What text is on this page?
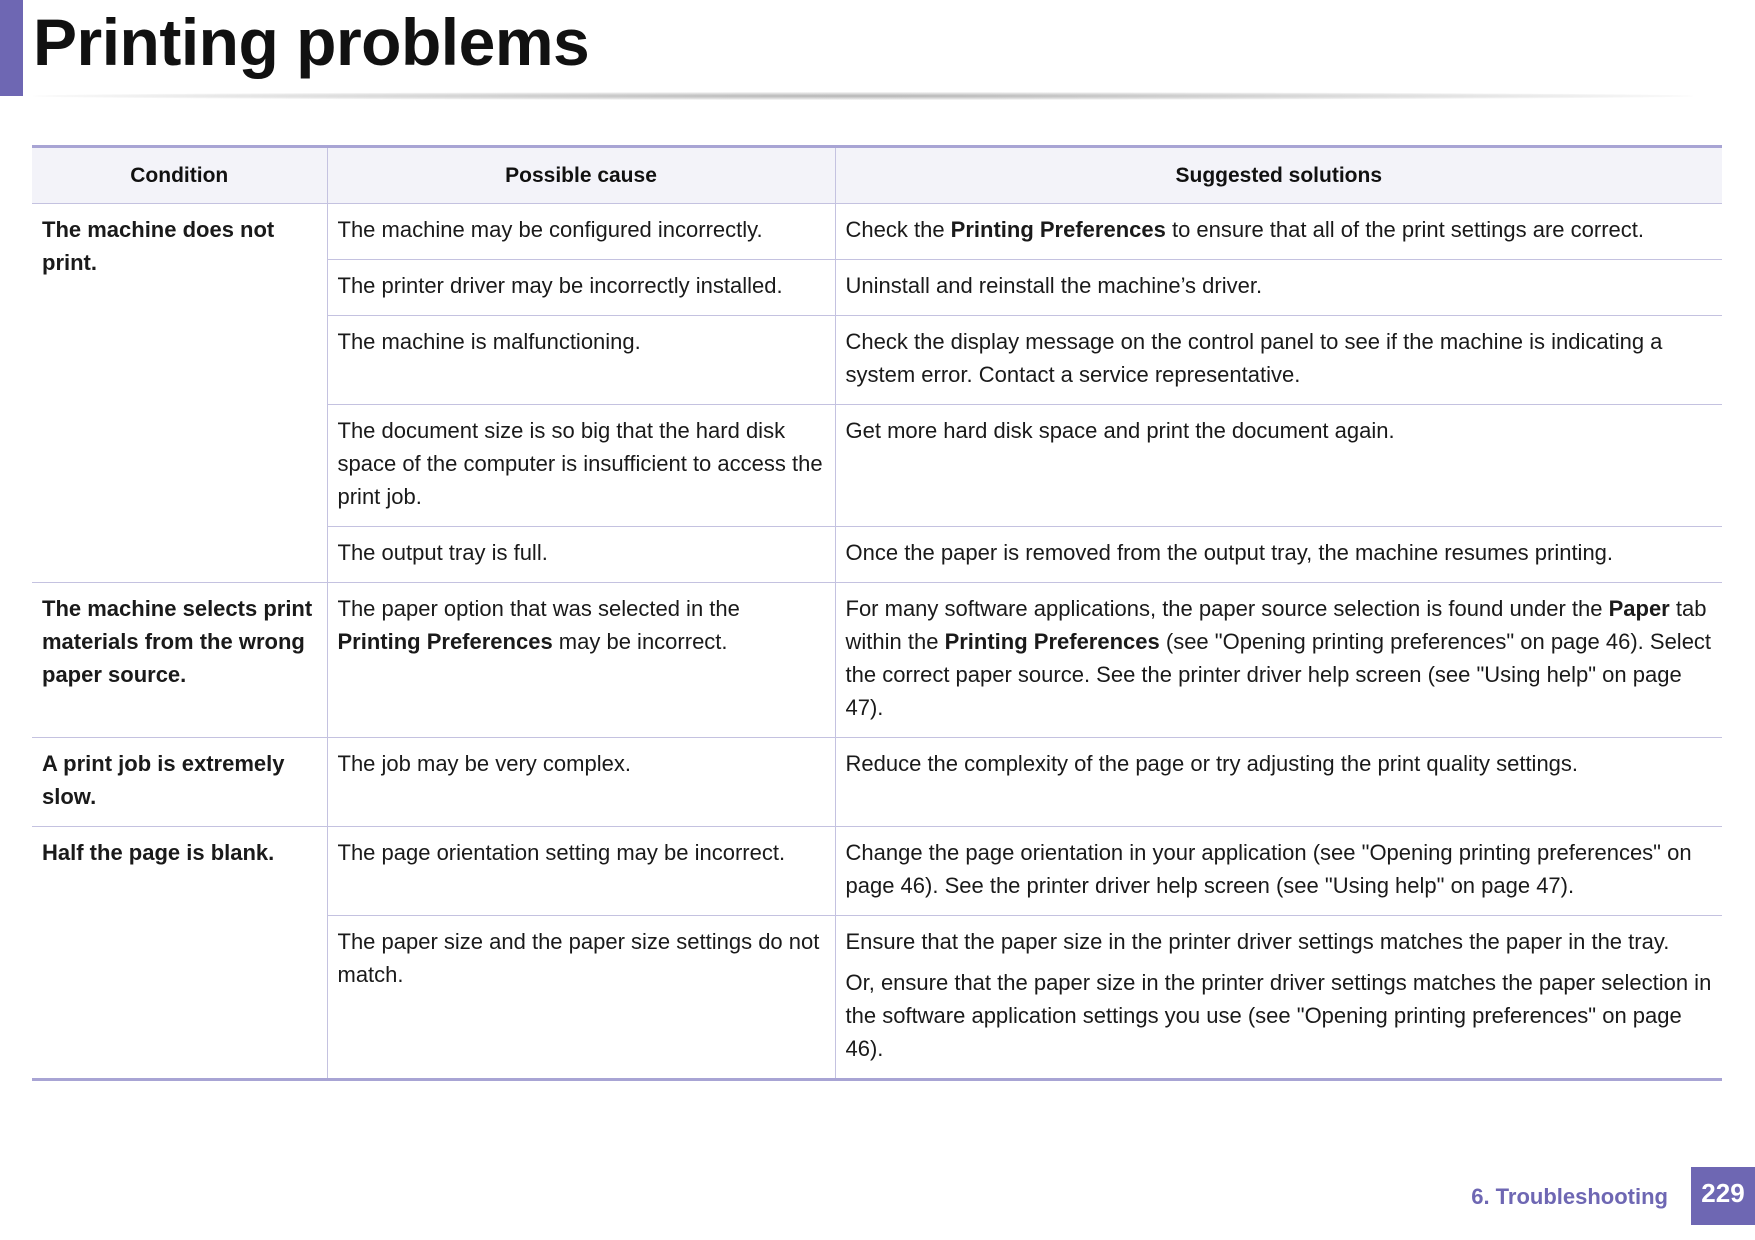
Printing problems
Condition	Possible cause	Suggested solutions
The machine does not print.	The machine may be configured incorrectly.	Check the Printing Preferences to ensure that all of the print settings are correct.

	The printer driver may be incorrectly installed.	Uninstall and reinstall the machine’s driver.

	The machine is malfunctioning.	Check the display message on the control panel to see if the machine is indicating a system error. Contact a service representative.

	The document size is so big that the hard disk space of the computer is insufficient to access the print job.	Get more hard disk space and print the document again.

	The output tray is full.	Once the paper is removed from the output tray, the machine resumes printing.

The machine selects print materials from the wrong paper source.	The paper option that was selected in the Printing Preferences may be incorrect.	For many software applications, the paper source selection is found under the Paper tab within the Printing Preferences (see "Opening printing preferences" on page 46). Select the correct paper source. See the printer driver help screen (see "Using help" on page 47).

A print job is extremely slow.	The job may be very complex.	Reduce the complexity of the page or try adjusting the print quality settings.

Half the page is blank.	The page orientation setting may be incorrect.	Change the page orientation in your application (see "Opening printing preferences" on page 46). See the printer driver help screen (see "Using help" on page 47).

	The paper size and the paper size settings do not match.	Ensure that the paper size in the printer driver settings matches the paper in the tray.
Or, ensure that the paper size in the printer driver settings matches the paper selection in the software application settings you use (see "Opening printing preferences" on page 46).
6. Troubleshooting	229
